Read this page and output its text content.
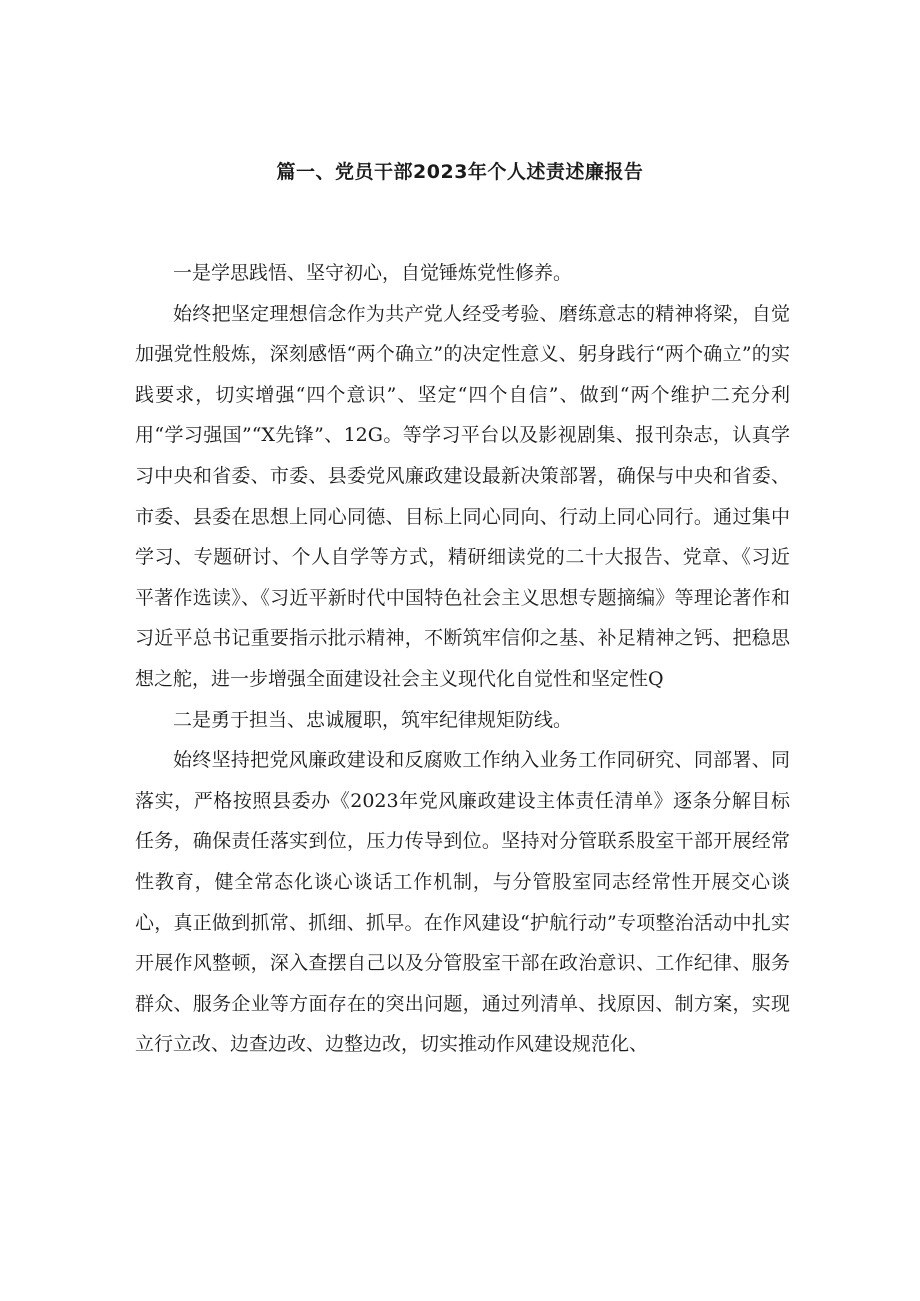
篇一、党员干部2023年个人述责述廉报告

一是学思践悟、坚守初心，自觉锤炼党性修养。

始终把坚定理想信念作为共产党人经受考验、磨练意志的精神将梁，自觉加强党性般炼，深刻感悟“两个确立”的决定性意义、躬身践行“两个确立”的实践要求，切实增强“四个意识”、坚定“四个自信”、做到“两个维护二充分利用“学习强国”“X先锋”、12G。等学习平台以及影视剧集、报刊杂志，认真学习中央和省委、市委、县委党风廉政建设最新决策部署，确保与中央和省委、市委、县委在思想上同心同德、目标上同心同向、行动上同心同行。通过集中学习、专题研讨、个人自学等方式，精研细读党的二十大报告、党章、《习近平著作选读》、《习近平新时代中国特色社会主义思想专题摘编》等理论著作和习近平总书记重要指示批示精神，不断筑牢信仰之基、补足精神之钙、把稳思想之舵，进一步增强全面建设社会主义现代化自觉性和坚定性Q

二是勇于担当、忠诚履职，筑牢纪律规矩防线。

始终坚持把党风廉政建设和反腐败工作纳入业务工作同研究、同部署、同落实，严格按照县委办《2023年党风廉政建设主体责任清单》逐条分解目标任务，确保责任落实到位，压力传导到位。坚持对分管联系股室干部开展经常性教育，健全常态化谈心谈话工作机制，与分管股室同志经常性开展交心谈心，真正做到抓常、抓细、抓早。在作风建设“护航行动”专项整治活动中扎实开展作风整顿，深入查摆自己以及分管股室干部在政治意识、工作纪律、服务群众、服务企业等方面存在的突出问题，通过列清单、找原因、制方案，实现立行立改、边查边改、边整边改，切实推动作风建设规范化、
